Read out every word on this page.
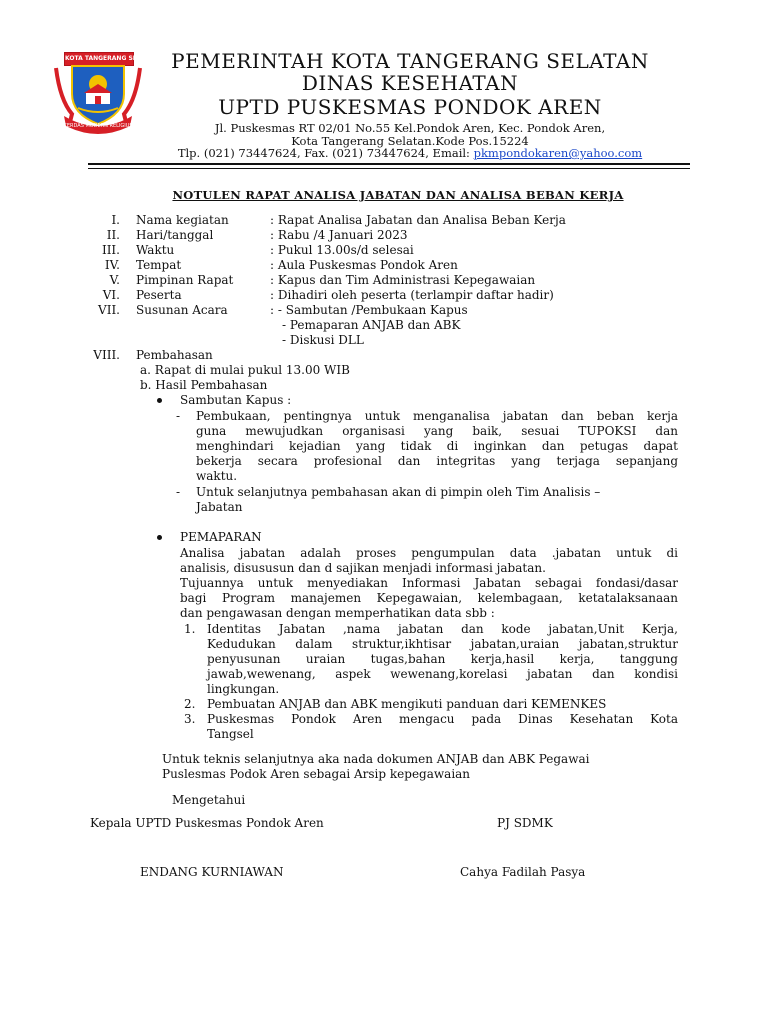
KOTA TANGERANG SELATAN
CERDAS MODERN RELIGIUS
PEMERINTAH KOTA TANGERANG SELATAN
DINAS KESEHATAN
UPTD PUSKESMAS PONDOK AREN
Jl. Puskesmas RT 02/01 No.55 Kel.Pondok Aren, Kec. Pondok Aren,
Kota Tangerang Selatan.Kode Pos.15224
Tlp. (021) 73447624, Fax. (021) 73447624, Email: pkmpondokaren@yahoo.com
NOTULEN RAPAT ANALISA JABATAN DAN ANALISA BEBAN KERJA
I. Nama kegiatan	: Rapat Analisa Jabatan dan Analisa Beban Kerja
II. Hari/tanggal	: Rabu /4 Januari 2023
III. Waktu	: Pukul 13.00s/d selesai
IV. Tempat	: Aula Puskesmas Pondok Aren
V. Pimpinan Rapat	: Kapus dan Tim Administrasi Kepegawaian
VI. Peserta	: Dihadiri oleh peserta (terlampir daftar hadir)
VII. Susunan Acara	: - Sambutan /Pembukaan Kapus
- Pemaparan ANJAB dan ABK
- Diskusi DLL
VIII. Pembahasan
a. Rapat di mulai pukul 13.00 WIB
b. Hasil Pembahasan
Sambutan Kapus :
- Pembukaan, pentingnya untuk menganalisa jabatan dan beban kerja
guna mewujudkan organisasi yang baik, sesuai TUPOKSI dan
menghindari kejadian yang tidak di inginkan dan petugas dapat
bekerja secara profesional dan integritas yang terjaga sepanjang
waktu.
- Untuk selanjutnya pembahasan akan di pimpin oleh Tim Analisis –
Jabatan
PEMAPARAN
Analisa jabatan adalah proses pengumpulan data .jabatan untuk di
analisis, disususun dan d sajikan menjadi informasi jabatan.
Tujuannya untuk menyediakan Informasi Jabatan sebagai fondasi/dasar
bagi Program manajemen Kepegawaian, kelembagaan, ketatalaksanaan
dan pengawasan dengan memperhatikan data sbb :
1. Identitas Jabatan ,nama jabatan dan kode jabatan,Unit Kerja,
Kedudukan dalam struktur,ikhtisar jabatan,uraian jabatan,struktur
penyusunan uraian tugas,bahan kerja,hasil kerja, tanggung
jawab,wewenang, aspek wewenang,korelasi jabatan dan kondisi
lingkungan.
2. Pembuatan ANJAB dan ABK mengikuti panduan dari KEMENKES
3. Puskesmas Pondok Aren mengacu pada Dinas Kesehatan Kota
Tangsel
Untuk teknis selanjutnya aka nada dokumen ANJAB dan ABK Pegawai
Puslesmas Podok Aren sebagai Arsip kepegawaian
Mengetahui
Kepala UPTD Puskesmas Pondok Aren	PJ SDMK
ENDANG KURNIAWAN	Cahya Fadilah Pasya
